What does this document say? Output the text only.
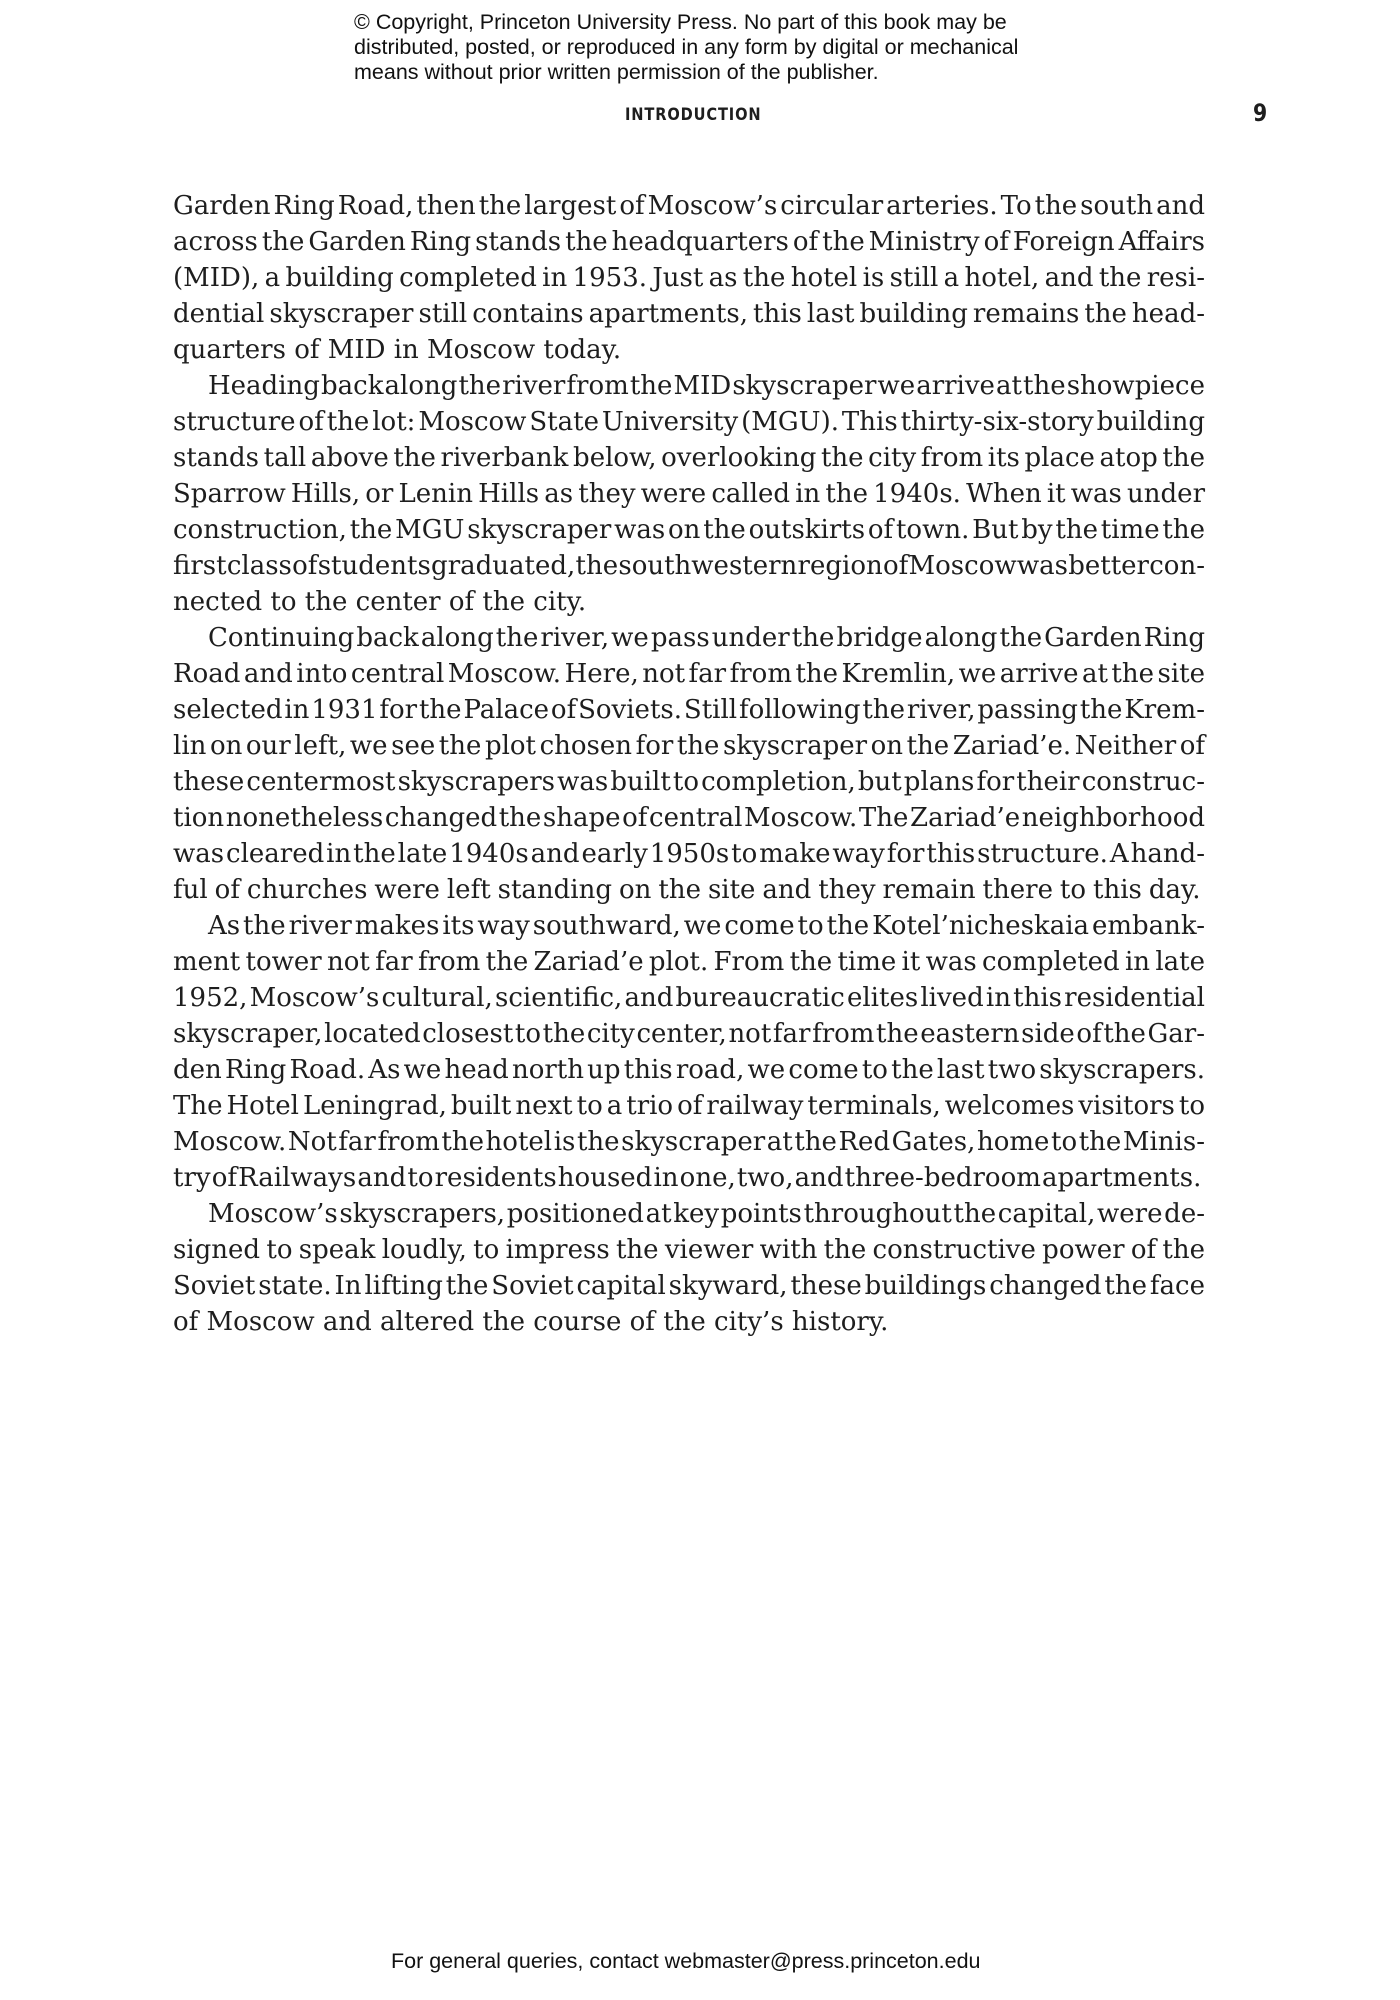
© Copyright, Princeton University Press. No part of this book may be
distributed, posted, or reproduced in any form by digital or mechanical
means without prior written permission of the publisher.
INTRODUCTION	9
Garden Ring Road, then the largest of Moscow’s circular arteries. To the south and
across the Garden Ring stands the headquarters of the Ministry of Foreign Affairs
(MID), a building completed in 1953. Just as the hotel is still a hotel, and the resi-
dential skyscraper still contains apartments, this last building remains the head-
quarters of MID in Moscow today.
Heading back along the river from the MID skyscraper we arrive at the showpiece
structure of the lot: Moscow State University (MGU). This thirty-six-story building
stands tall above the riverbank below, overlooking the city from its place atop the
Sparrow Hills, or Lenin Hills as they were called in the 1940s. When it was under
construction, the MGU skyscraper was on the outskirts of town. But by the time the
first class of students graduated, the southwestern region of Moscow was better con-
nected to the center of the city.
Continuing back along the river, we pass under the bridge along the Garden Ring
Road and into central Moscow. Here, not far from the Kremlin, we arrive at the site
selected in 1931 for the Palace of Soviets. Still following the river, passing the Krem-
lin on our left, we see the plot chosen for the skyscraper on the Zariad’e. Neither of
these centermost skyscrapers was built to completion, but plans for their construc-
tion nonetheless changed the shape of central Moscow. The Zariad’e neighborhood
was cleared in the late 1940s and early 1950s to make way for this structure. A hand-
ful of churches were left standing on the site and they remain there to this day.
As the river makes its way southward, we come to the Kotel’nicheskaia embank-
ment tower not far from the Zariad’e plot. From the time it was completed in late
1952, Moscow’s cultural, scientific, and bureaucratic elites lived in this residential
skyscraper, located closest to the city center, not far from the eastern side of the Gar-
den Ring Road. As we head north up this road, we come to the last two skyscrapers.
The Hotel Leningrad, built next to a trio of railway terminals, welcomes visitors to
Moscow. Not far from the hotel is the skyscraper at the Red Gates, home to the Minis-
try of Railways and to residents housed in one, two, and three-bedroom apartments.
Moscow’s skyscrapers, positioned at key points throughout the capital, were de-
signed to speak loudly, to impress the viewer with the constructive power of the
Soviet state. In lifting the Soviet capital skyward, these buildings changed the face
of Moscow and altered the course of the city’s history.
For general queries, contact webmaster@press.princeton.edu
